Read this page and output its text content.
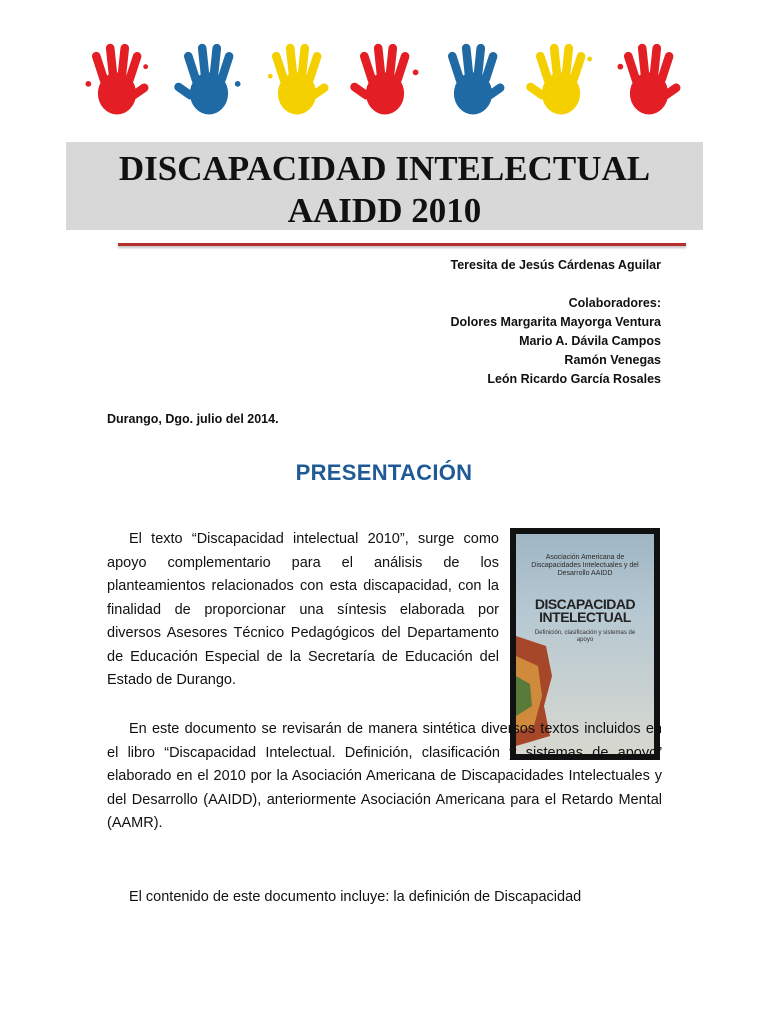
DISCAPACIDAD INTELECTUAL
AAIDD 2010
Teresita de Jesús Cárdenas Aguilar
Colaboradores:
Dolores Margarita Mayorga Ventura
Mario A. Dávila Campos
Ramón Venegas
León Ricardo García Rosales
Durango, Dgo. julio del 2014.
PRESENTACIÓN

El texto “Discapacidad intelectual 2010”, surge como apoyo complementario para el análisis de los planteamientos relacionados con esta discapacidad, con la finalidad de proporcionar una síntesis elaborada por diversos Asesores Técnico Pedagógicos del Departamento de Educación Especial de la Secretaría de Educación del Estado de Durango.

Asociación Americana de Discapacidades Intelectuales y del Desarrollo AAIDD
DISCAPACIDAD INTELECTUAL
Definición, clasificación y sistemas de apoyo

En este documento se revisarán de manera sintética diversos textos incluidos en el libro “Discapacidad Intelectual. Definición, clasificación y sistemas de apoyo” elaborado en el 2010 por la Asociación Americana de Discapacidades Intelectuales y del Desarrollo (AAIDD), anteriormente Asociación Americana para el Retardo Mental (AAMR).

El contenido de este documento incluye: la definición de Discapacidad
